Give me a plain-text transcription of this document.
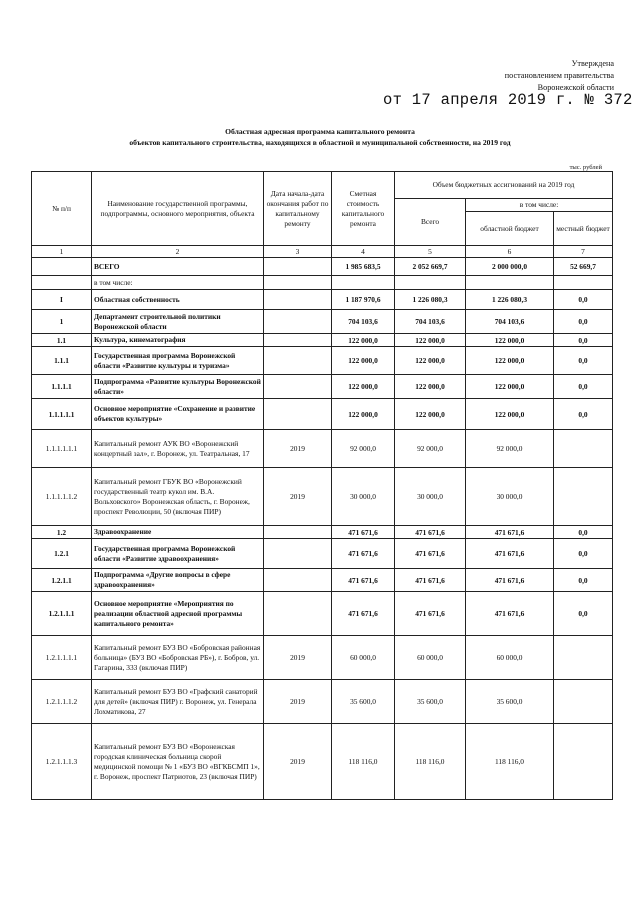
Утверждена
постановлением правительства
Воронежской области
от 17 апреля 2019 г. № 372
Областная адресная программа капитального ремонта
объектов капитального строительства, находящихся в областной и муниципальной собственности, на 2019 год
тыс. рублей
№ п/п	Наименование государственной программы, подпрограммы, основного мероприятия, объекта	Дата начала-дата окончания работ по капитальному ремонту	Сметная стоимость капитального ремонта	Объем бюджетных ассигнований на 2019 год		
				Всего	в том числе:	
					областной бюджет	местный бюджет
1	2	3	4	5	6	7
	ВСЕГО		1 985 683,5	2 052 669,7	2 000 000,0	52 669,7
	в том числе:					
I	Областная собственность		1 187 970,6	1 226 080,3	1 226 080,3	0,0
1	Департамент строительной политики Воронежской области		704 103,6	704 103,6	704 103,6	0,0
1.1	Культура, кинематография		122 000,0	122 000,0	122 000,0	0,0
1.1.1	Государственная программа Воронежской области «Развитие культуры и туризма»		122 000,0	122 000,0	122 000,0	0,0
1.1.1.1	Подпрограмма «Развитие культуры Воронежской области»		122 000,0	122 000,0	122 000,0	0,0
1.1.1.1.1	Основное мероприятие «Сохранение и развитие объектов культуры»		122 000,0	122 000,0	122 000,0	0,0
1.1.1.1.1.1	Капитальный ремонт АУК ВО «Воронежский концертный зал», г. Воронеж, ул. Театральная, 17	2019	92 000,0	92 000,0	92 000,0	
1.1.1.1.1.2	Капитальный ремонт ГБУК ВО «Воронежский государственный театр кукол им. В.А. Вольховского» Воронежская область, г. Воронеж, проспект Революции, 50 (включая ПИР)	2019	30 000,0	30 000,0	30 000,0	
1.2	Здравоохранение		471 671,6	471 671,6	471 671,6	0,0
1.2.1	Государственная программа Воронежской области «Развитие здравоохранения»		471 671,6	471 671,6	471 671,6	0,0
1.2.1.1	Подпрограмма «Другие вопросы в сфере здравоохранения»		471 671,6	471 671,6	471 671,6	0,0
1.2.1.1.1	Основное мероприятие «Мероприятия по реализации областной адресной программы капитального ремонта»		471 671,6	471 671,6	471 671,6	0,0
1.2.1.1.1.1	Капитальный ремонт БУЗ ВО «Бобровская районная больница» (БУЗ ВО «Бобровская РБ»), г. Бобров, ул. Гагарина, 333 (включая ПИР)	2019	60 000,0	60 000,0	60 000,0	
1.2.1.1.1.2	Капитальный ремонт БУЗ ВО «Графский санаторий для детей» (включая ПИР) г. Воронеж, ул. Генерала Лохматикова, 27	2019	35 600,0	35 600,0	35 600,0	
1.2.1.1.1.3	Капитальный ремонт БУЗ ВО «Воронежская городская клиническая больница скорой медицинской помощи № 1 «БУЗ ВО «ВГКБСМП 1», г. Воронеж, проспект Патриотов, 23 (включая ПИР)	2019	118 116,0	118 116,0	118 116,0	
